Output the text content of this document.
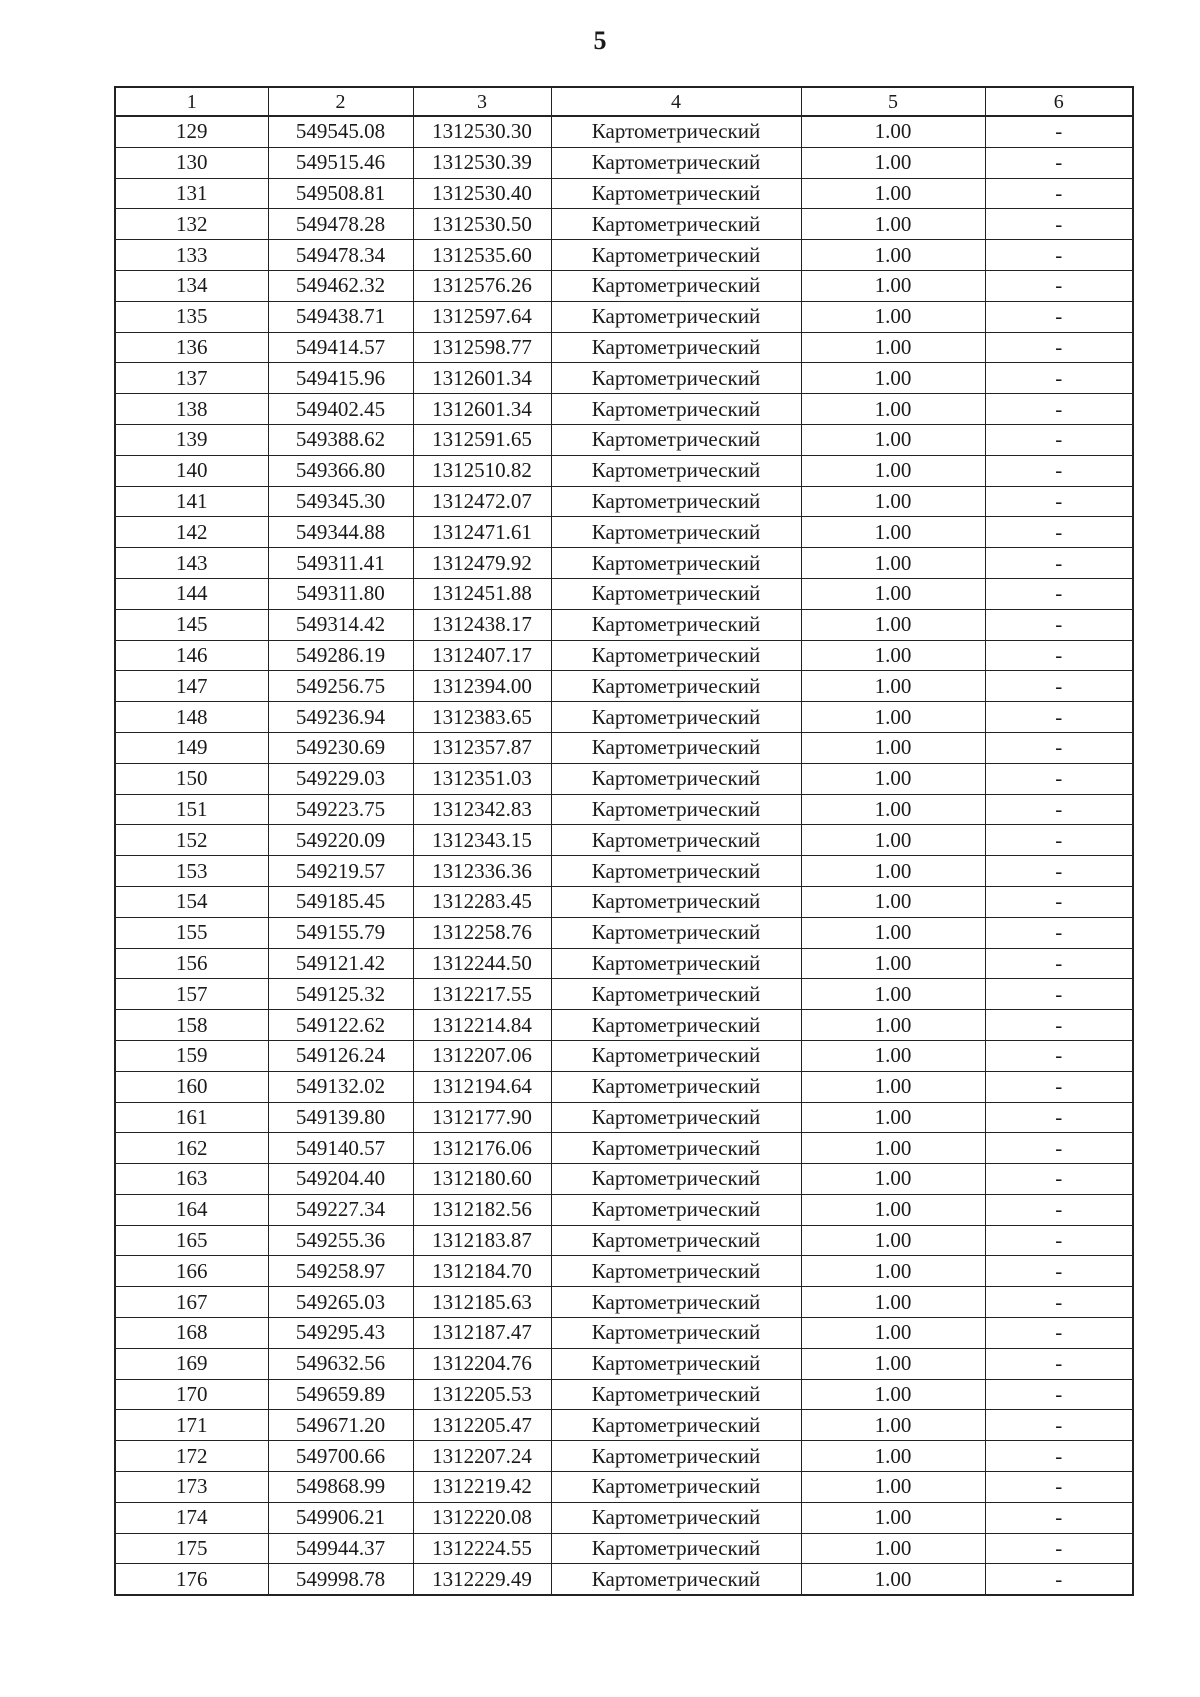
5
1	2	3	4	5	6
129	549545.08	1312530.30	Картометрический	1.00	-
130	549515.46	1312530.39	Картометрический	1.00	-
131	549508.81	1312530.40	Картометрический	1.00	-
132	549478.28	1312530.50	Картометрический	1.00	-
133	549478.34	1312535.60	Картометрический	1.00	-
134	549462.32	1312576.26	Картометрический	1.00	-
135	549438.71	1312597.64	Картометрический	1.00	-
136	549414.57	1312598.77	Картометрический	1.00	-
137	549415.96	1312601.34	Картометрический	1.00	-
138	549402.45	1312601.34	Картометрический	1.00	-
139	549388.62	1312591.65	Картометрический	1.00	-
140	549366.80	1312510.82	Картометрический	1.00	-
141	549345.30	1312472.07	Картометрический	1.00	-
142	549344.88	1312471.61	Картометрический	1.00	-
143	549311.41	1312479.92	Картометрический	1.00	-
144	549311.80	1312451.88	Картометрический	1.00	-
145	549314.42	1312438.17	Картометрический	1.00	-
146	549286.19	1312407.17	Картометрический	1.00	-
147	549256.75	1312394.00	Картометрический	1.00	-
148	549236.94	1312383.65	Картометрический	1.00	-
149	549230.69	1312357.87	Картометрический	1.00	-
150	549229.03	1312351.03	Картометрический	1.00	-
151	549223.75	1312342.83	Картометрический	1.00	-
152	549220.09	1312343.15	Картометрический	1.00	-
153	549219.57	1312336.36	Картометрический	1.00	-
154	549185.45	1312283.45	Картометрический	1.00	-
155	549155.79	1312258.76	Картометрический	1.00	-
156	549121.42	1312244.50	Картометрический	1.00	-
157	549125.32	1312217.55	Картометрический	1.00	-
158	549122.62	1312214.84	Картометрический	1.00	-
159	549126.24	1312207.06	Картометрический	1.00	-
160	549132.02	1312194.64	Картометрический	1.00	-
161	549139.80	1312177.90	Картометрический	1.00	-
162	549140.57	1312176.06	Картометрический	1.00	-
163	549204.40	1312180.60	Картометрический	1.00	-
164	549227.34	1312182.56	Картометрический	1.00	-
165	549255.36	1312183.87	Картометрический	1.00	-
166	549258.97	1312184.70	Картометрический	1.00	-
167	549265.03	1312185.63	Картометрический	1.00	-
168	549295.43	1312187.47	Картометрический	1.00	-
169	549632.56	1312204.76	Картометрический	1.00	-
170	549659.89	1312205.53	Картометрический	1.00	-
171	549671.20	1312205.47	Картометрический	1.00	-
172	549700.66	1312207.24	Картометрический	1.00	-
173	549868.99	1312219.42	Картометрический	1.00	-
174	549906.21	1312220.08	Картометрический	1.00	-
175	549944.37	1312224.55	Картометрический	1.00	-
176	549998.78	1312229.49	Картометрический	1.00	-
